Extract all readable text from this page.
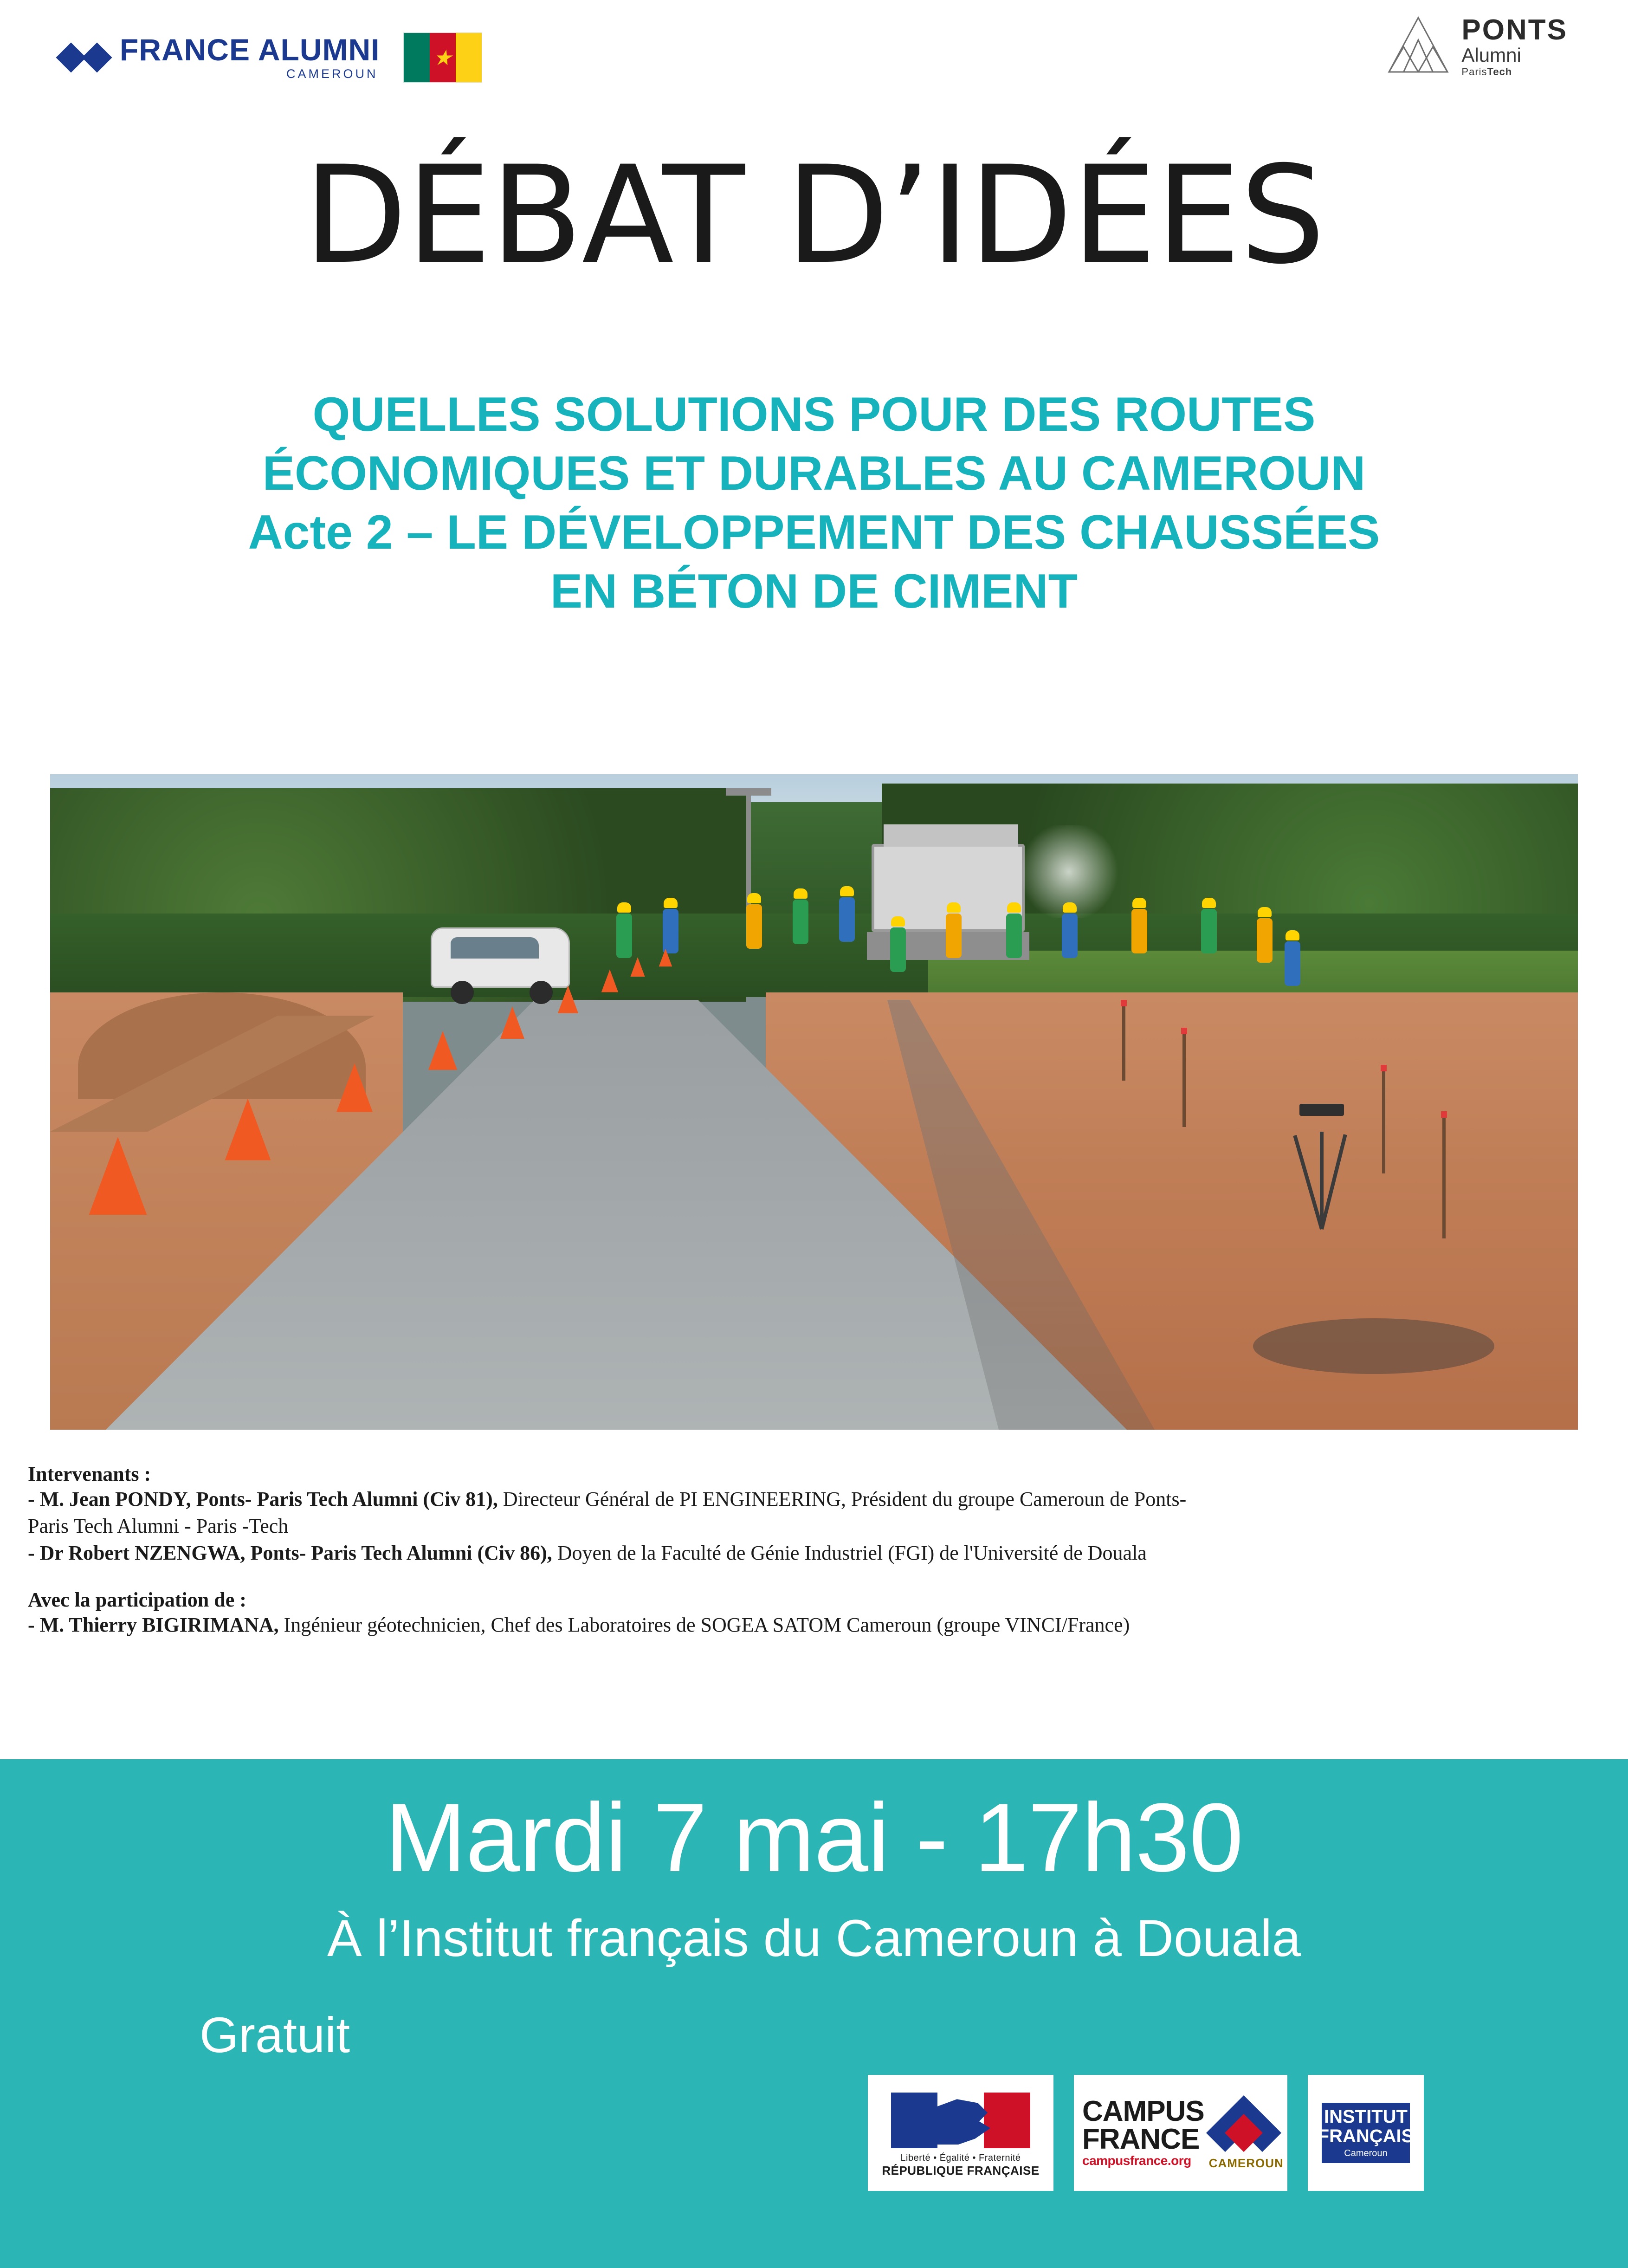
FRANCE ALUMNI
CAMEROUN
★
PONTS
Alumni
ParisTech
DÉBAT D’IDÉES
QUELLES SOLUTIONS POUR DES ROUTES
ÉCONOMIQUES ET DURABLES AU CAMEROUN
Acte 2 – LE DÉVELOPPEMENT DES CHAUSSÉES
EN BÉTON DE CIMENT
Intervenants :
- M. Jean PONDY, Ponts- Paris Tech Alumni (Civ 81), Directeur Général de PI ENGINEERING, Président du groupe Cameroun de Ponts-
Paris Tech Alumni - Paris -Tech
- Dr Robert NZENGWA, Ponts- Paris Tech Alumni (Civ 86), Doyen de la Faculté de Génie Industriel (FGI) de l'Université de Douala
Avec la participation de :
- M. Thierry BIGIRIMANA, Ingénieur géotechnicien, Chef des Laboratoires de SOGEA SATOM Cameroun (groupe VINCI/France)
Mardi 7 mai - 17h30
À l’Institut français du Cameroun à Douala
Gratuit
Liberté • Égalité • Fraternité
RÉPUBLIQUE FRANÇAISE
CAMPUS
FRANCE
campusfrance.org	CAMEROUN
INSTITUT
FRANÇAIS
Cameroun
